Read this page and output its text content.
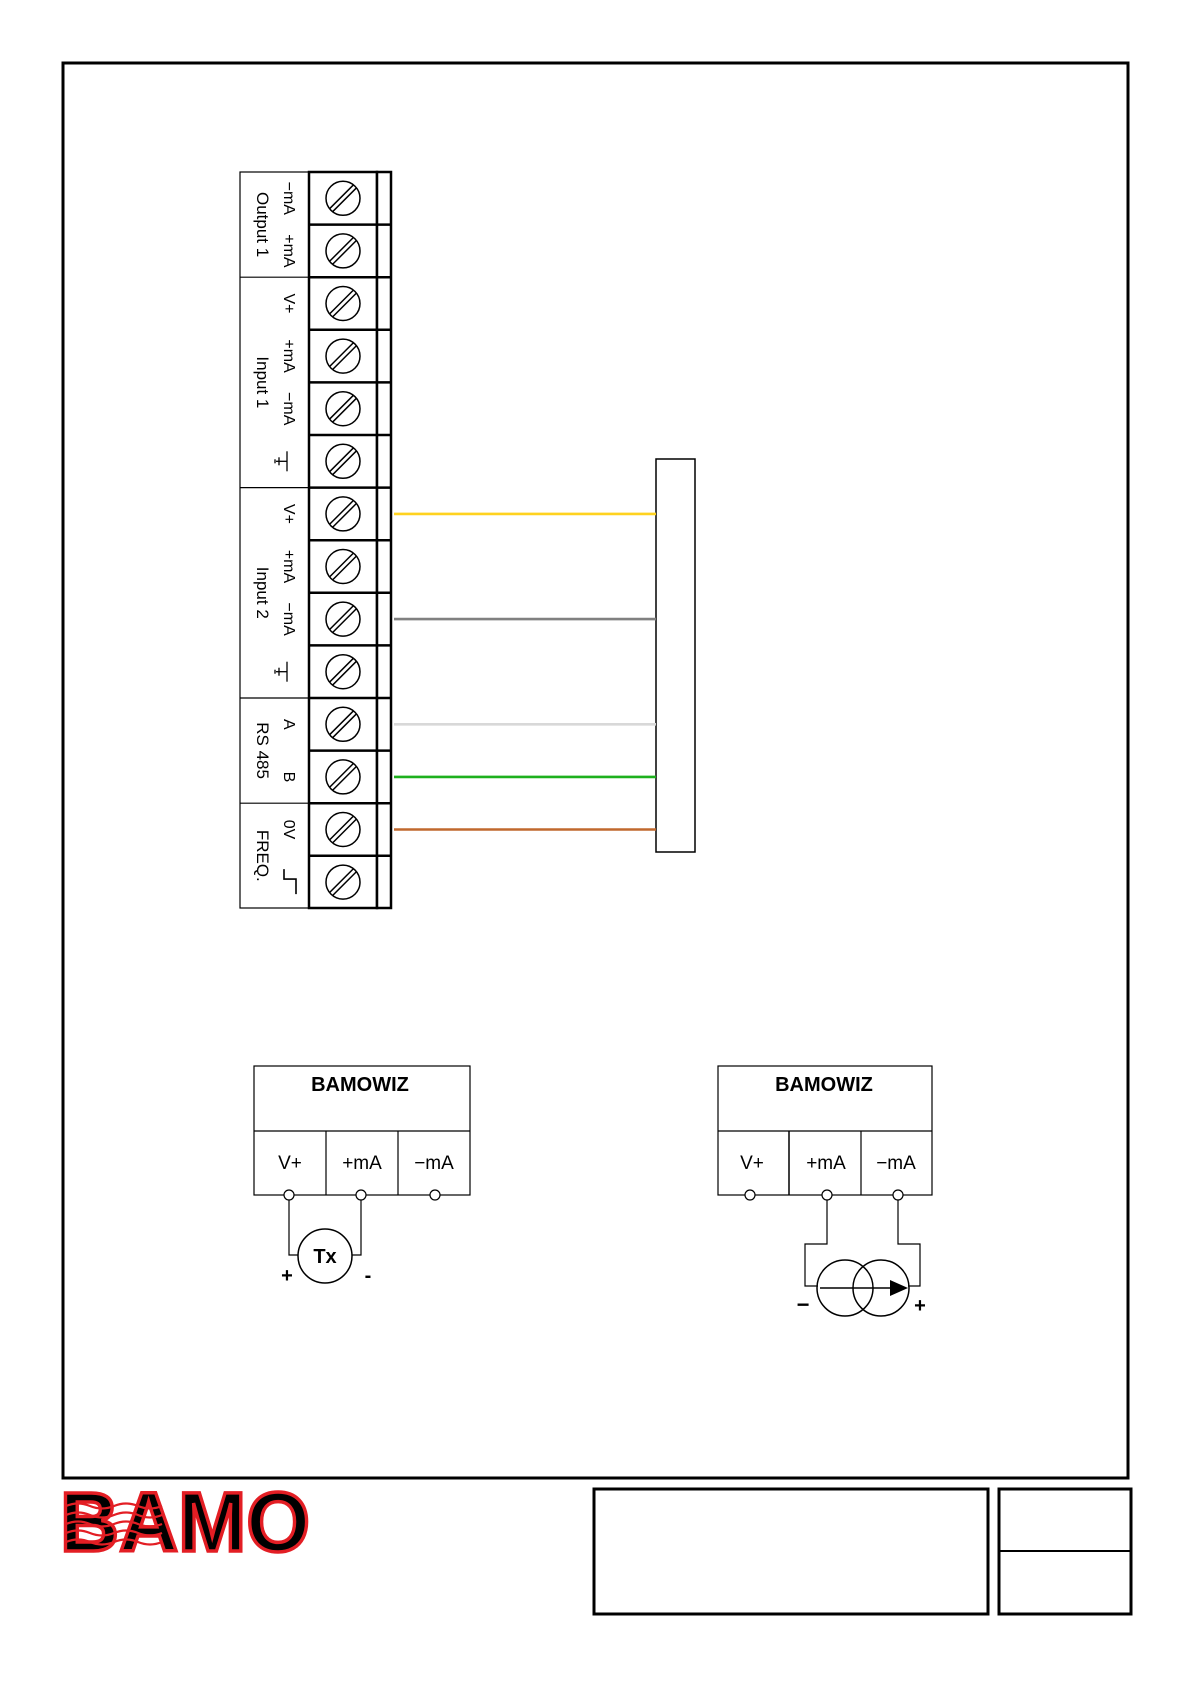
Output 1 −mA
+mA
Input 1
V+
+mA
−mA
Input 2
V+
+mA
−mA
RS 485 A
B
FREQ.
0V
BAMOWIZ
V+ +mA −mA
Tx
+	-
BAMOWIZ
V+ +mA −mA
−	+
BAMO
